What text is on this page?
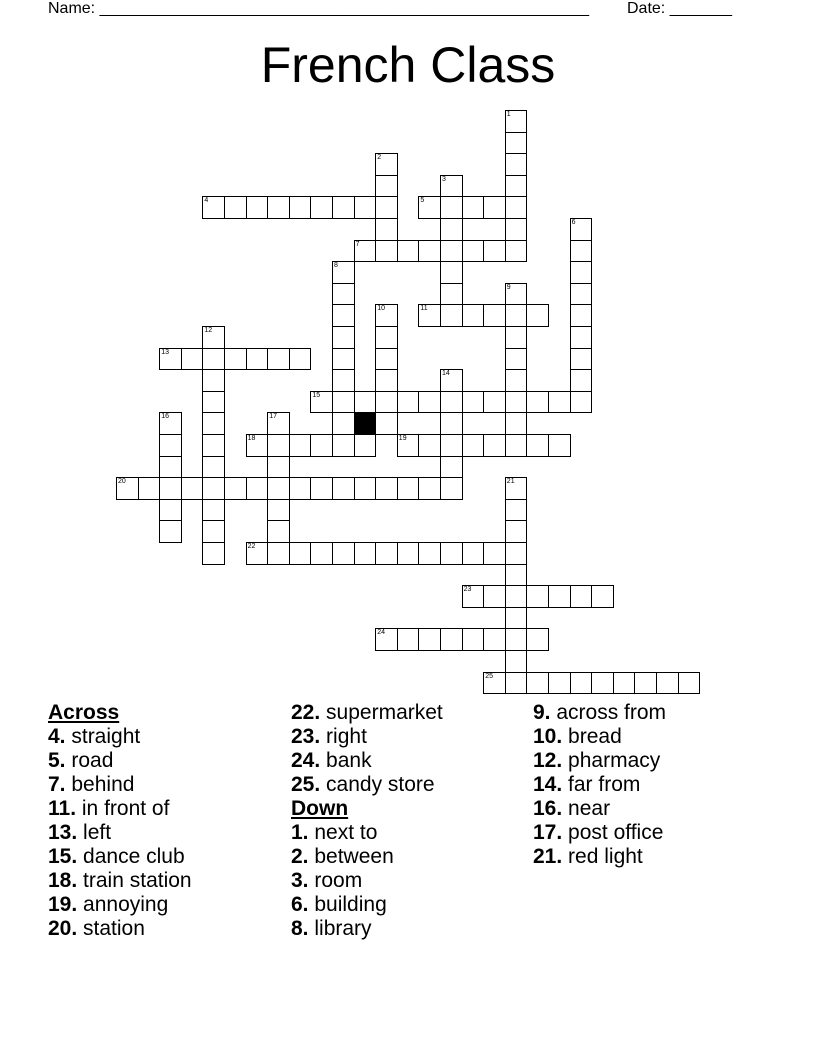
Name: _______________________________________________________ Date: _______
French Class
1
2
3
4	5
6
7
8
9
10	11
12
13
14
15
16	17
18	19
20	21
22
23
24
25
Across
4. straight
5. road
7. behind
11. in front of
13. left
15. dance club
18. train station
19. annoying
20. station
22. supermarket
23. right
24. bank
25. candy store
Down
1. next to
2. between
3. room
6. building
8. library
9. across from
10. bread
12. pharmacy
14. far from
16. near
17. post office
21. red light
